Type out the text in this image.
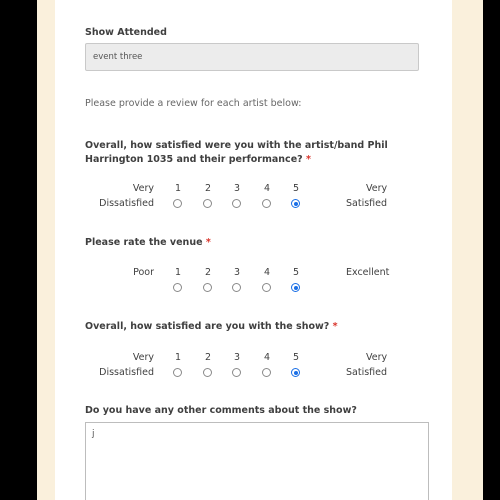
Show Attended
event three
Please provide a review for each artist below:
Overall, how satisfied were you with the artist/band Phil
Harrington 1035 and their performance? *
Very
Dissatisfied
1	2	3	4	5	Very
Satisfied
Please rate the venue *
Poor	1	2	3	4	5	Excellent
Overall, how satisfied are you with the show? *
Very
Dissatisfied
1	2	3	4	5	Very
Satisfied
Do you have any other comments about the show?
j
